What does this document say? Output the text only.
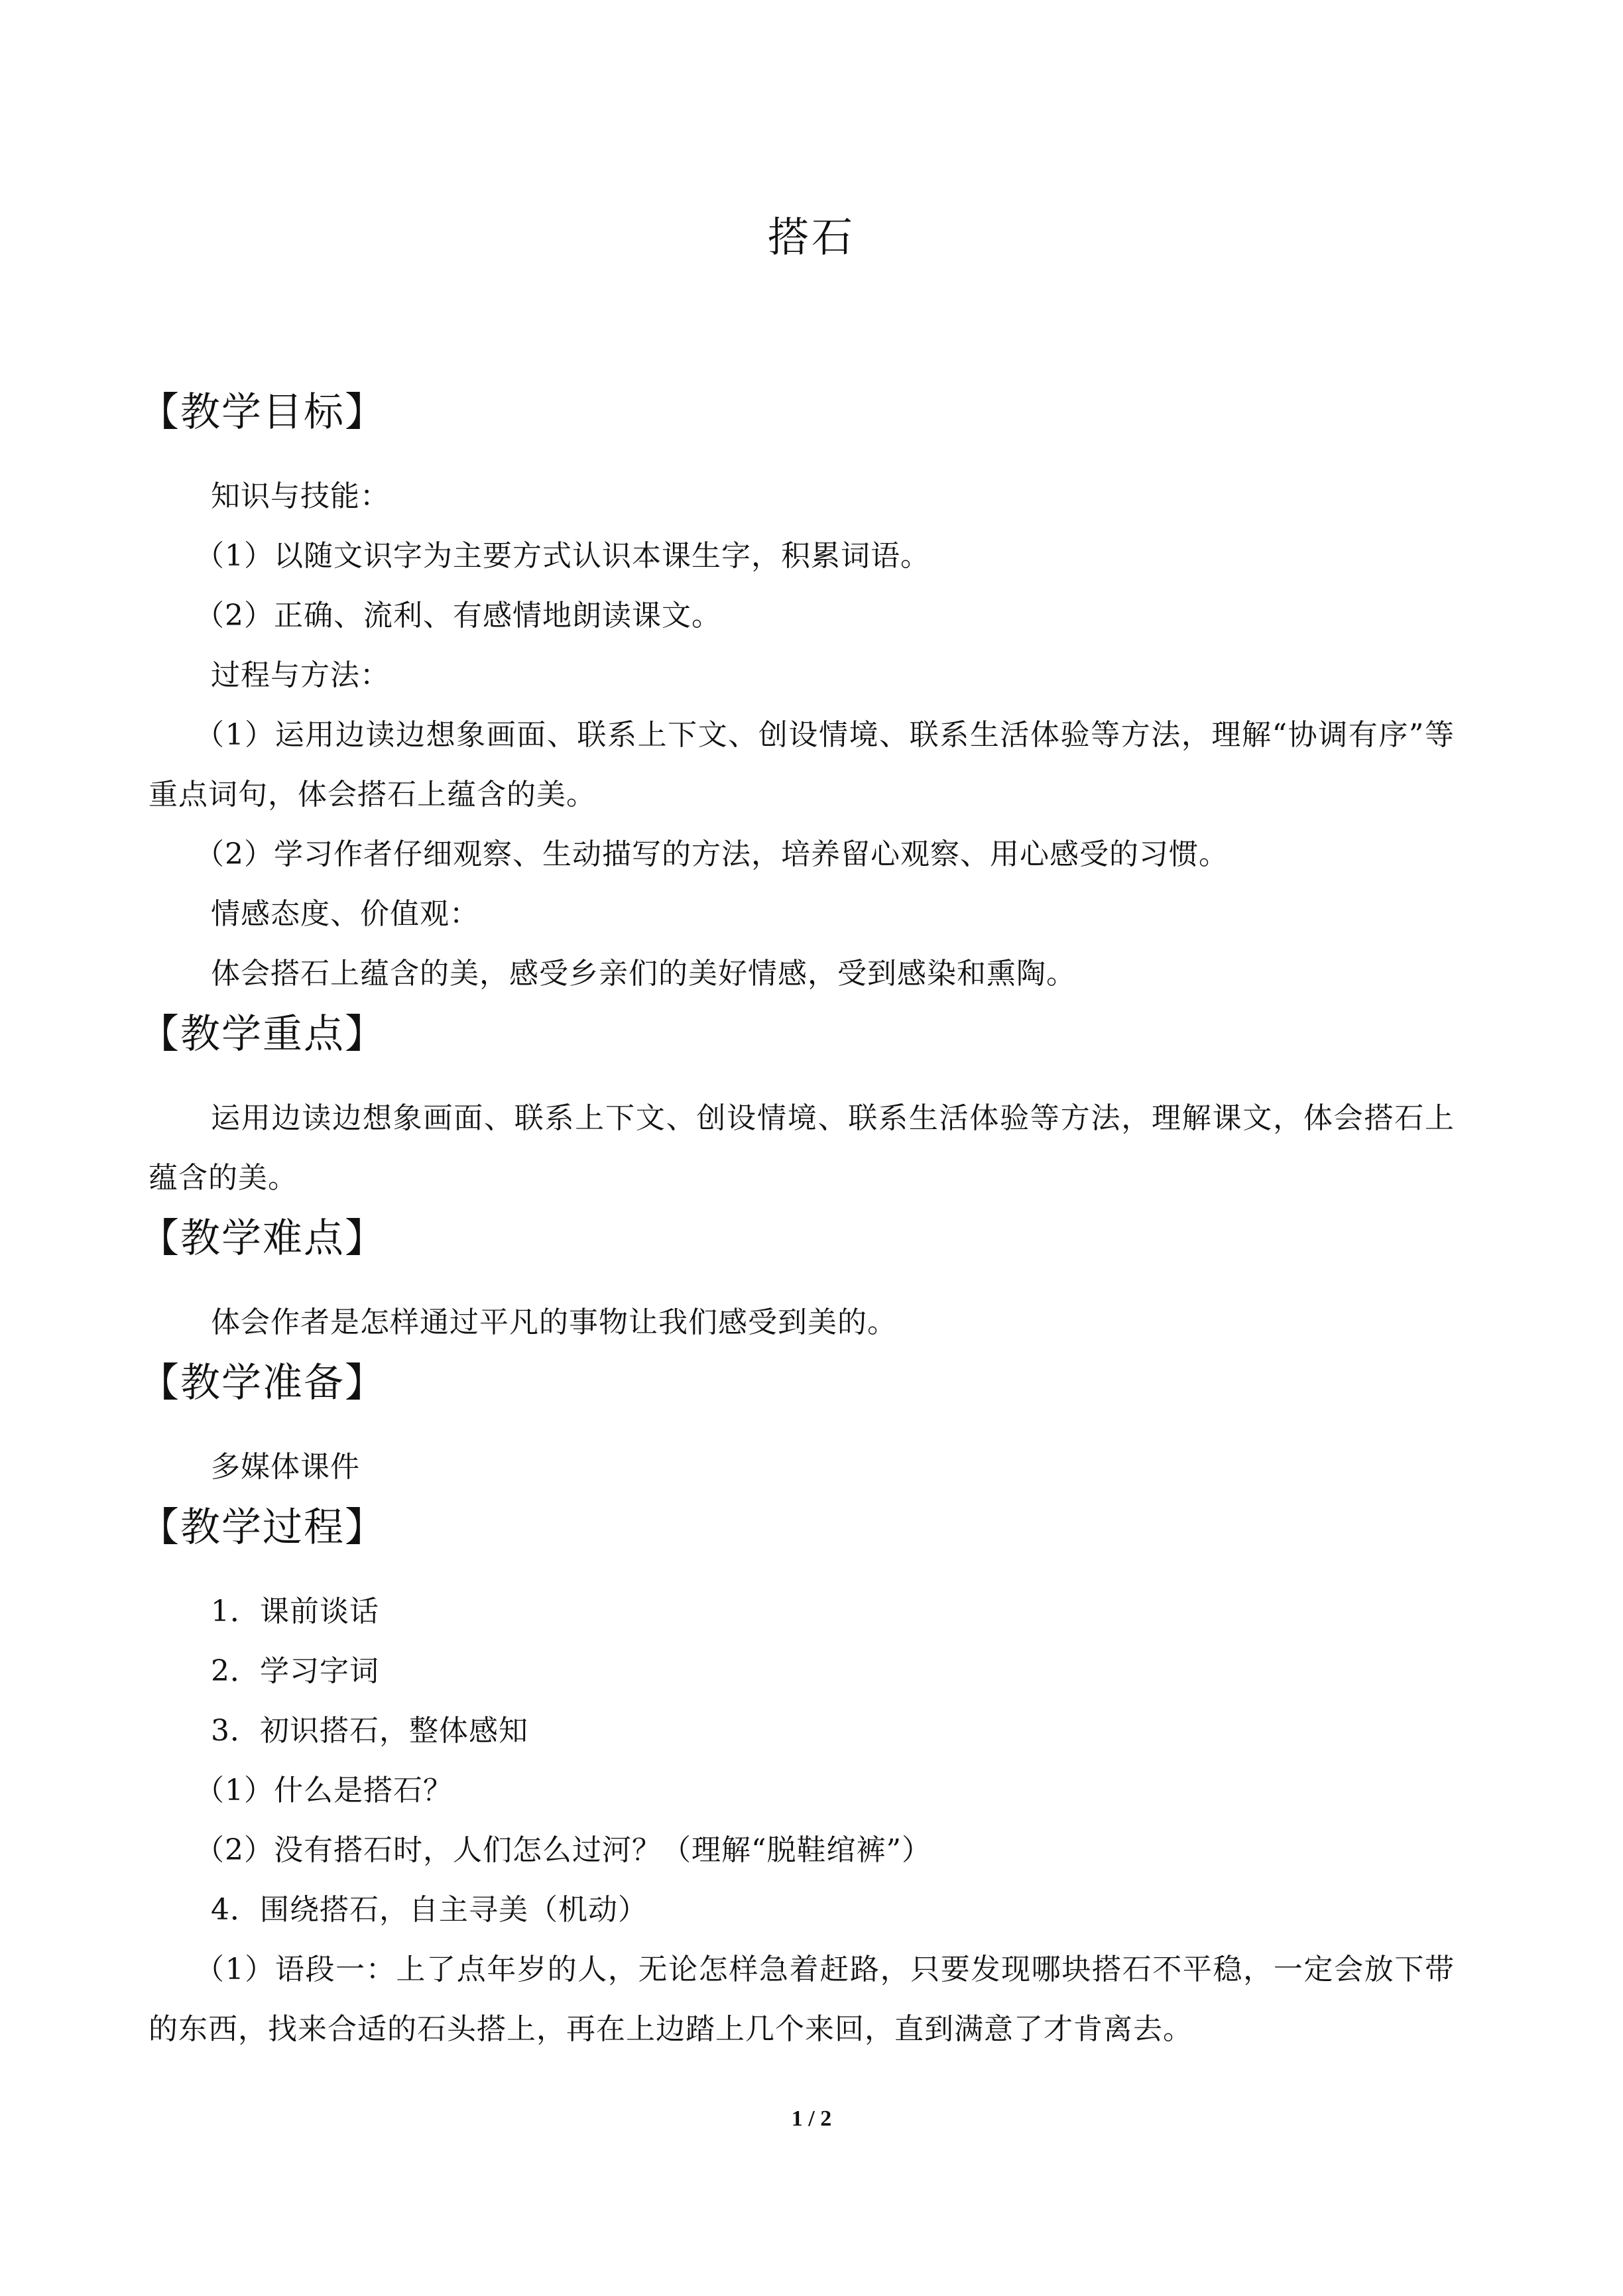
搭石
【教学目标】
知识与技能：
（1）以随文识字为主要方式认识本课生字，积累词语。
（2）正确、流利、有感情地朗读课文。
过程与方法：
（1）运用边读边想象画面、联系上下文、创设情境、联系生活体验等方法，理解“协调有序”等重点词句，体会搭石上蕴含的美。
（2）学习作者仔细观察、生动描写的方法，培养留心观察、用心感受的习惯。
情感态度、价值观：
体会搭石上蕴含的美，感受乡亲们的美好情感，受到感染和熏陶。
【教学重点】
运用边读边想象画面、联系上下文、创设情境、联系生活体验等方法，理解课文，体会搭石上蕴含的美。
【教学难点】
体会作者是怎样通过平凡的事物让我们感受到美的。
【教学准备】
多媒体课件
【教学过程】
1．课前谈话
2．学习字词
3．初识搭石，整体感知
（1）什么是搭石？
（2）没有搭石时，人们怎么过河？（理解“脱鞋绾裤”）
4．围绕搭石，自主寻美（机动）
（1）语段一：上了点年岁的人，无论怎样急着赶路，只要发现哪块搭石不平稳，一定会放下带的东西，找来合适的石头搭上，再在上边踏上几个来回，直到满意了才肯离去。
1 / 2
